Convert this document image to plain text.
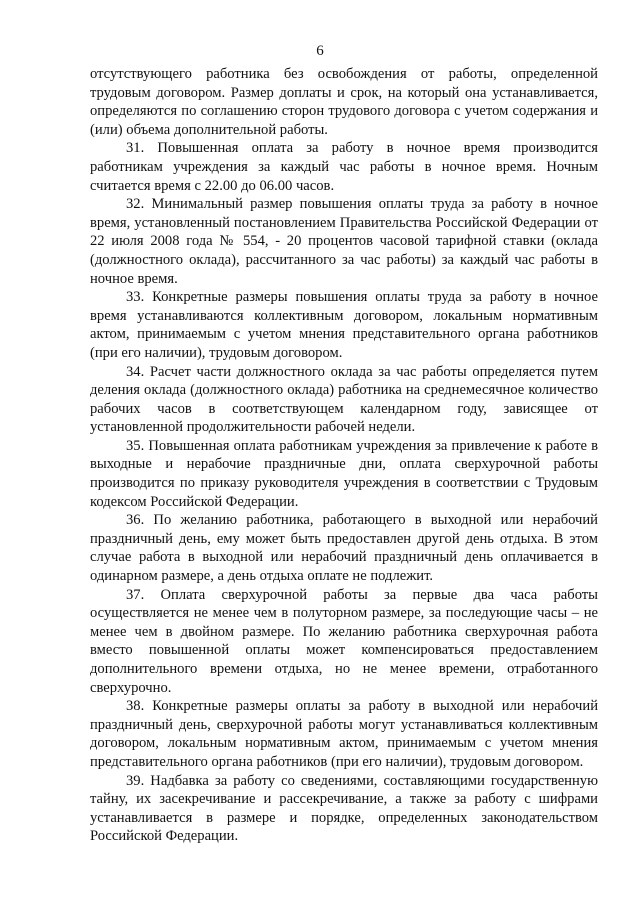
6

отсутствующего работника без освобождения от работы, определенной трудовым договором. Размер доплаты и срок, на который она устанавливается, определяются по соглашению сторон трудового договора с учетом содержания и (или) объема дополнительной работы.

31. Повышенная оплата за работу в ночное время производится работникам учреждения за каждый час работы в ночное время. Ночным считается время с 22.00 до 06.00 часов.

32. Минимальный размер повышения оплаты труда за работу в ночное время, установленный постановлением Правительства Российской Федерации от 22 июля 2008 года № 554, - 20 процентов часовой тарифной ставки (оклада (должностного оклада), рассчитанного за час работы) за каждый час работы в ночное время.

33. Конкретные размеры повышения оплаты труда за работу в ночное время устанавливаются коллективным договором, локальным нормативным актом, принимаемым с учетом мнения представительного органа работников (при его наличии), трудовым договором.

34. Расчет части должностного оклада за час работы определяется путем деления оклада (должностного оклада) работника на среднемесячное количество рабочих часов в соответствующем календарном году, зависящее от установленной продолжительности рабочей недели.

35. Повышенная оплата работникам учреждения за привлечение к работе в выходные и нерабочие праздничные дни, оплата сверхурочной работы производится по приказу руководителя учреждения в соответствии с Трудовым кодексом Российской Федерации.

36. По желанию работника, работающего в выходной или нерабочий праздничный день, ему может быть предоставлен другой день отдыха. В этом случае работа в выходной или нерабочий праздничный день оплачивается в одинарном размере, а день отдыха оплате не подлежит.

37. Оплата сверхурочной работы за первые два часа работы осуществляется не менее чем в полуторном размере, за последующие часы – не менее чем в двойном размере. По желанию работника сверхурочная работа вместо повышенной оплаты может компенсироваться предоставлением дополнительного времени отдыха, но не менее времени, отработанного сверхурочно.

38. Конкретные размеры оплаты за работу в выходной или нерабочий праздничный день, сверхурочной работы могут устанавливаться коллективным договором, локальным нормативным актом, принимаемым с учетом мнения представительного органа работников (при его наличии), трудовым договором.

39. Надбавка за работу со сведениями, составляющими государственную тайну, их засекречивание и рассекречивание, а также за работу с шифрами устанавливается в размере и порядке, определенных законодательством Российской Федерации.
